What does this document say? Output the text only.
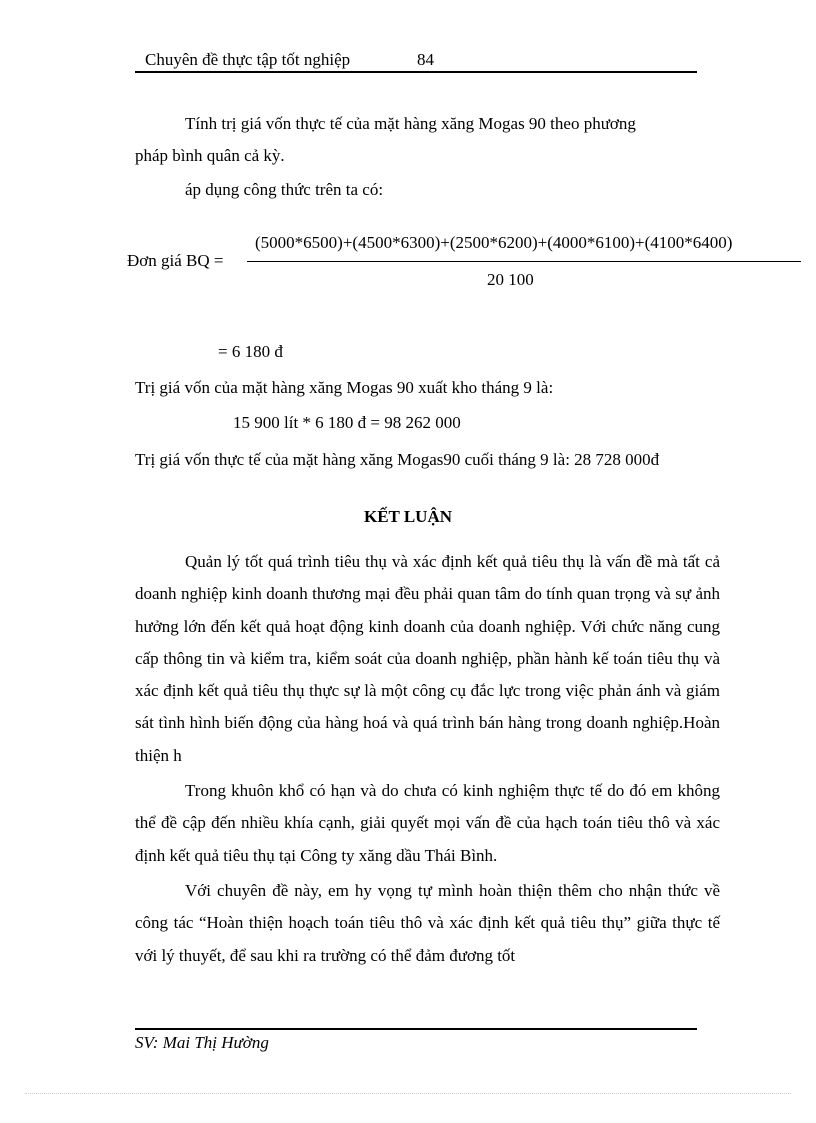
Chuyên đề thực tập tốt nghiệp	84
Tính trị giá vốn thực tế của mặt hàng xăng Mogas 90 theo phương
pháp bình quân cả kỳ.
áp dụng công thức trên ta có:
(5000*6500)+(4500*6300)+(2500*6200)+(4000*6100)+(4100*6400)
Đơn giá BQ =
20 100
= 6 180 đ
Trị giá vốn của mặt hàng xăng Mogas 90 xuất kho tháng 9 là:
15 900 lít * 6 180 đ = 98 262 000
Trị giá vốn thực tế của mặt hàng xăng Mogas90 cuối tháng 9 là: 28 728 000đ
KẾT LUẬN

Quản lý tốt quá trình tiêu thụ và xác định kết quả tiêu thụ là vấn đề mà tất cả doanh nghiệp kinh doanh thương mại đều phải quan tâm do tính quan trọng và sự ảnh hưởng lớn đến kết quả hoạt động kinh doanh của doanh nghiệp. Với chức năng cung cấp thông tin và kiểm tra, kiểm soát của doanh nghiệp, phần hành kế toán tiêu thụ và xác định kết quả tiêu thụ thực sự là một công cụ đắc lực trong việc phản ánh và giám sát tình hình biến động của hàng hoá và quá trình bán hàng trong doanh nghiệp.Hoàn thiện h

Trong khuôn khổ có hạn và do chưa có kinh nghiệm thực tế do đó em không thể đề cập đến nhiều khía cạnh, giải quyết mọi vấn đề của hạch toán tiêu thô và xác định kết quả tiêu thụ tại Công ty xăng dầu Thái Bình.

Với chuyên đề này, em hy vọng tự mình hoàn thiện thêm cho nhận thức về công tác “Hoàn thiện hoạch toán tiêu thô và xác định kết quả tiêu thụ” giữa thực tế với lý thuyết, để sau khi ra trường có thể đảm đương tốt

SV: Mai Thị Hường
